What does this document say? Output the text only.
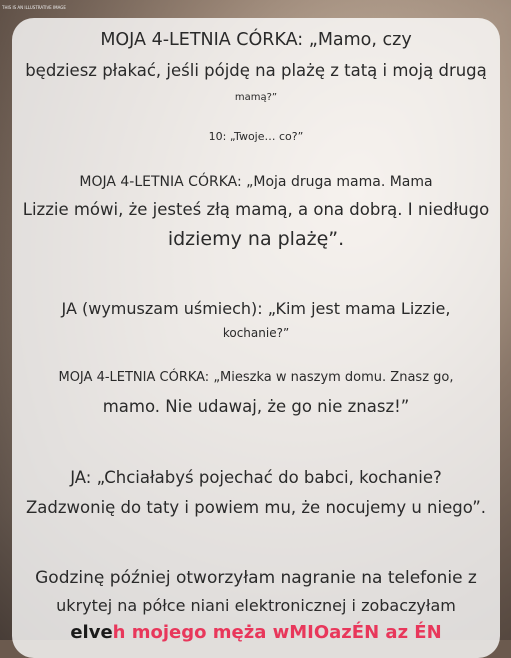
THIS IS AN ILLUSTRATIVE IMAGE
MOJA 4-LETNIA CÓRKA: „Mamo, czy
będziesz płakać, jeśli pójdę na plażę z tatą i moją drugą
mamą?”
10: „Twoje… co?”
MOJA 4-LETNIA CÓRKA: „Moja druga mama. Mama
Lizzie mówi, że jesteś złą mamą, a ona dobrą. I niedługo
idziemy na plażę”.
JA (wymuszam uśmiech): „Kim jest mama Lizzie,
kochanie?”
MOJA 4-LETNIA CÓRKA: „Mieszka w naszym domu. Znasz go,
mamo. Nie udawaj, że go nie znasz!”
JA: „Chciałabyś pojechać do babci, kochanie?
Zadzwonię do taty i powiem mu, że nocujemy u niego”.
Godzinę później otworzyłam nagranie na telefonie z
ukrytej na półce niani elektronicznej i zobaczyłam
elveh mojego męża wMIOazÉN az ÉN
